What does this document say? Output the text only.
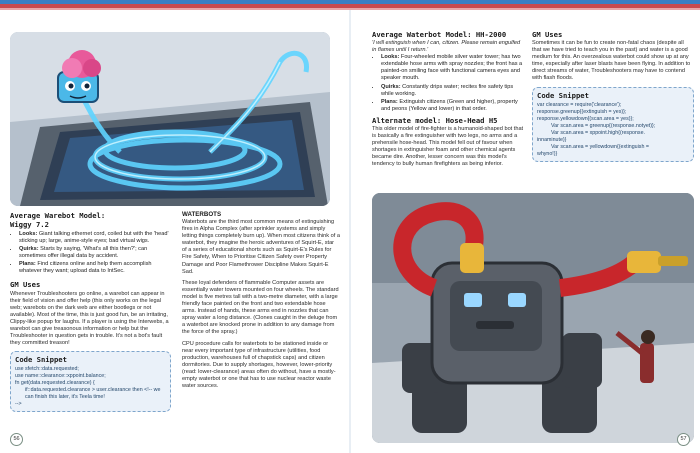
Average Warebot Model:
Wiggy 7.2
• Looks: Giant talking ethernet cord, coiled but with the 'head' sticking up; large, anime-style eyes; bad virtual wigs.
• Quirks: Starts by saying, 'What's all this then?'; can sometimes offer illegal data by accident.
• Plans: Find citizens online and help them accomplish whatever they want; upload data to IntSec.
GM Uses
Whenever Troubleshooters go online, a warebot can appear in their field of vision and offer help (this only works on the legal web; warebots on the dark web are either bootlegs or not available). Most of the time, this is just good fun, be an irritating, Clippy-like popup for laughs. If a player is using the Interwebs, a warebot can give treasonous information or help but the Troubleshooter in question gets in trouble. It's not a bot's fault they committed treason!
Code Snippet
use sfetch::data.requested;
use name::clearance::xppoint.balance;
fn get(data.requested.clearance) {
if::data.requested.clearance > user.clearance then <!-- we can finish this later, it's Teela time!
-->
WATERBOTS

Waterbots are the third most common means of extinguishing fires in Alpha Complex (after sprinkler systems and simply letting things completely burn up). When most citizens think of a waterbot, they imagine the heroic adventures of Squirt-E, star of a series of educational shorts such as Squirt-E's Rules for Fire Safety, When to Prioritise Citizen Safety over Property Damage and Poor Flamethrower Discipline Makes Squirt-E Sad.

These loyal defenders of flammable Computer assets are essentially water towers mounted on four wheels. The standard model is five metres tall with a two-metre diameter, with a large friendly face painted on the front and two extendable hose arms. Instead of hands, these arms end in nozzles that can spray water a long distance. (Clones caught in the deluge from a waterbot are knocked prone in addition to any damage from the force of the spray.)

CPU procedure calls for waterbots to be stationed inside or near every important type of infrastructure (utilities, food production, warehouses full of chapstick caps) and citizen dormitories. Due to supply shortages, however, lower-priority (read: lower-clearance) areas often do without, have a mostly-empty waterbot or one that has to use nuclear reactor waste water sources.

56
Average Waterbot Model: HH-2000
'I will extinguish when I can, citizen. Please remain engulfed in flames until I return.'
• Looks: Four-wheeled mobile silver water tower; has two extendable hose arms with spray nozzles; the front has a painted-on smiling face with functional camera eyes and speaker mouth.
• Quirks: Constantly drips water; recites fire safety tips while working.
• Plans: Extinguish citizens (Green and higher), property and peons (Yellow and lower) in that order.
Alternate model: Hose-Head H5
This older model of fire-fighter is a humanoid-shaped bot that is basically a fire extinguisher with two legs, no arms and a prehensile hose-head. This model fell out of favour when shortages in extinguisher foam and other chemical agents became dire. Another, lesser concern was this model's tendency to bully human firefighters as being inferior.
GM Uses
Sometimes it can be fun to create non-fatal chaos (despite all that we have tried to teach you in the past) and water is a good medium for this. An overzealous waterbot could show up at any time, especially after laser blasts have been flying. In addition to direct streams of water, Troubleshooters may have to contend with flash floods.
Code Snippet
var clearance = require('clearance');
response.greenup{(extinguish = yes)};
response.yellowdown{(scan.area = yes)};
Var scan.area = greenup{(response.notyet)};
Var scan.area = xppoint.high{(response.
innaminute)}
Var scan.area = yellowdown{(extinguish =
whyno!)}
57
